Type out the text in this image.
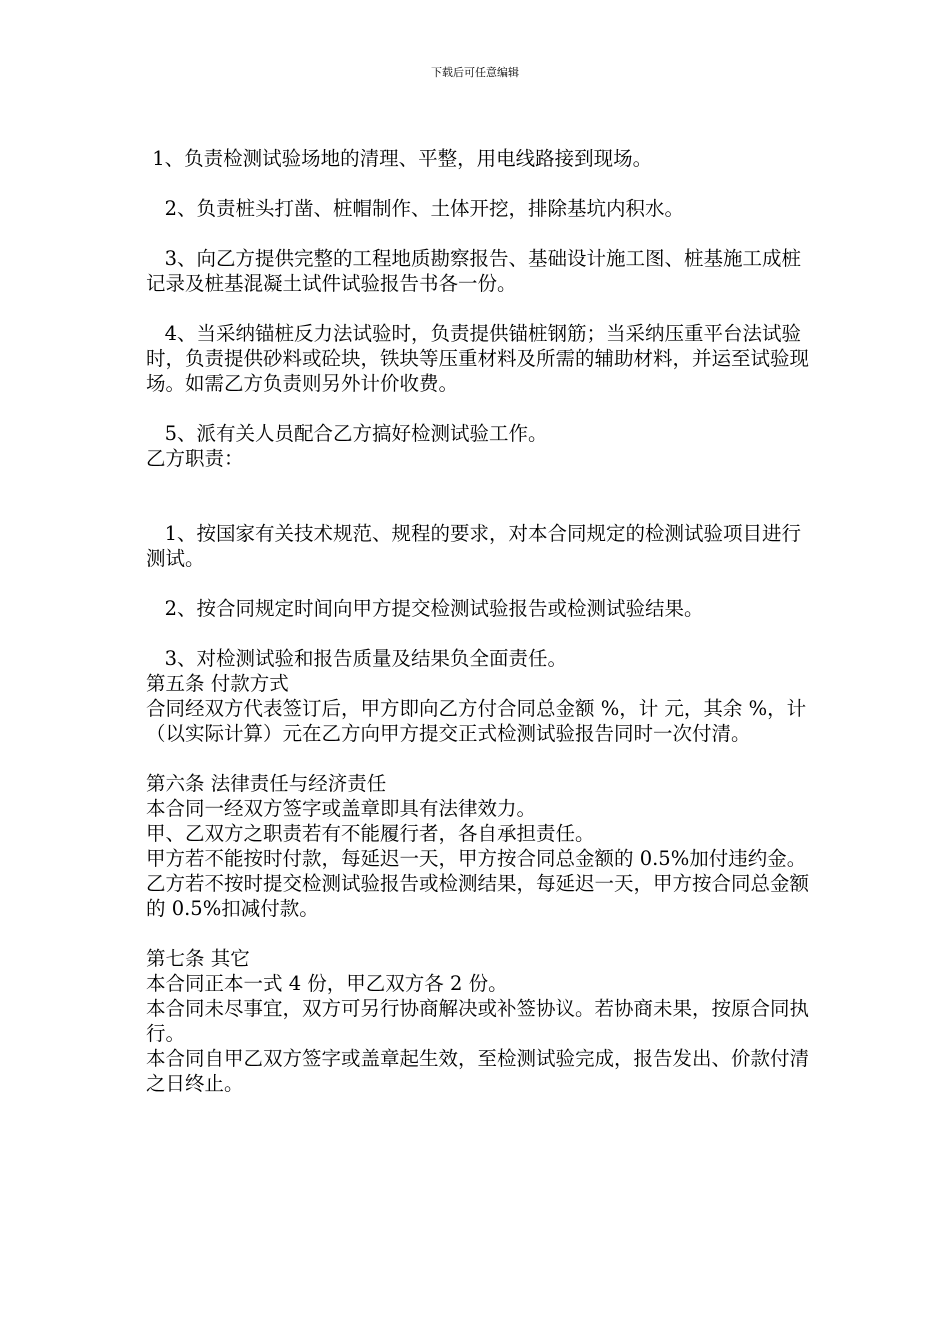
下载后可任意编辑

1、负责检测试验场地的清理、平整，用电线路接到现场。

2、负责桩头打凿、桩帽制作、土体开挖，排除基坑内积水。

3、向乙方提供完整的工程地质勘察报告、基础设计施工图、桩基施工成桩记录及桩基混凝土试件试验报告书各一份。

4、当采纳锚桩反力法试验时，负责提供锚桩钢筋；当采纳压重平台法试验时，负责提供砂料或砼块，铁块等压重材料及所需的辅助材料，并运至试验现场。如需乙方负责则另外计价收费。

5、派有关人员配合乙方搞好检测试验工作。

乙方职责：

1、按国家有关技术规范、规程的要求，对本合同规定的检测试验项目进行测试。

2、按合同规定时间向甲方提交检测试验报告或检测试验结果。

3、对检测试验和报告质量及结果负全面责任。

第五条 付款方式

合同经双方代表签订后，甲方即向乙方付合同总金额 %，计 元，其余 %，计（以实际计算）元在乙方向甲方提交正式检测试验报告同时一次付清。

第六条 法律责任与经济责任

本合同一经双方签字或盖章即具有法律效力。

甲、乙双方之职责若有不能履行者，各自承担责任。

甲方若不能按时付款，每延迟一天，甲方按合同总金额的 0.5%加付违约金。

乙方若不按时提交检测试验报告或检测结果，每延迟一天，甲方按合同总金额的 0.5%扣减付款。

第七条 其它

本合同正本一式 4 份，甲乙双方各 2 份。

本合同未尽事宜，双方可另行协商解决或补签协议。若协商未果，按原合同执行。

本合同自甲乙双方签字或盖章起生效，至检测试验完成，报告发出、价款付清之日终止。
